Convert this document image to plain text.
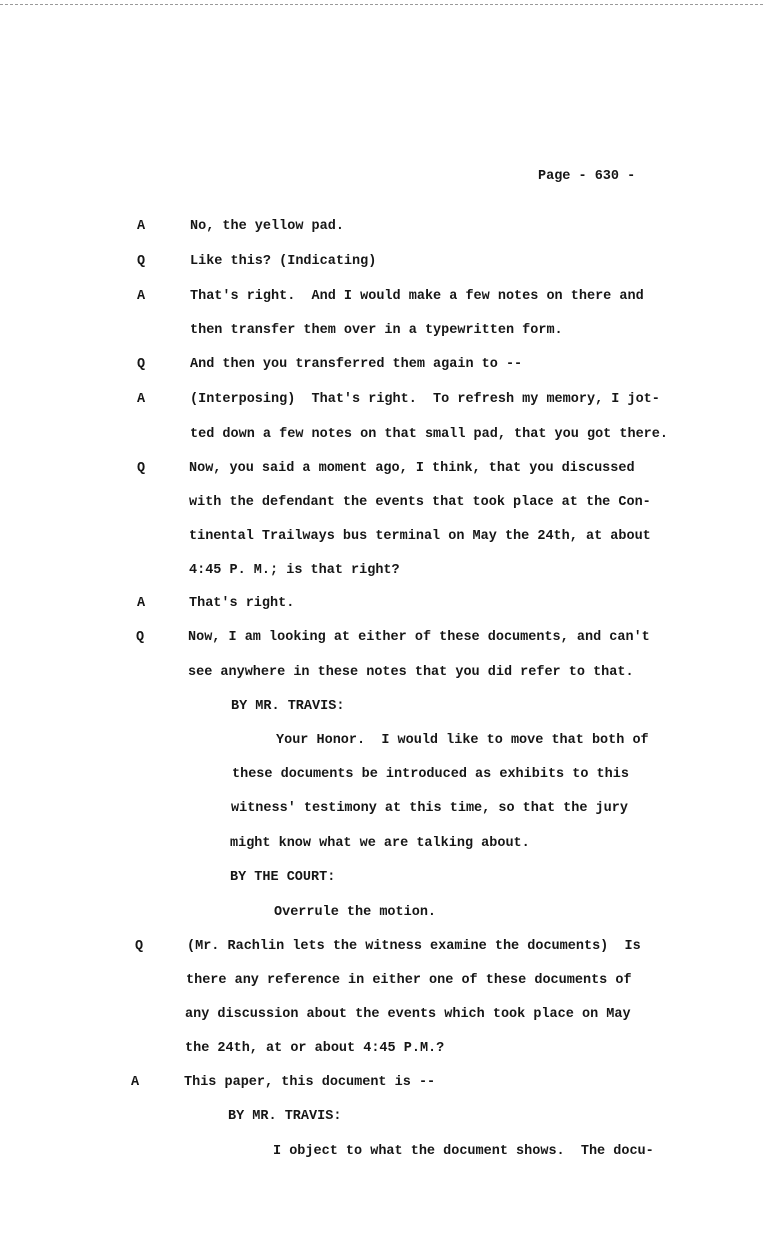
Page - 630 -
A	No, the yellow pad.
Q	Like this? (Indicating)
A	That's right.  And I would make a few notes on there and
then transfer them over in a typewritten form.
Q	And then you transferred them again to --
A	(Interposing)  That's right.  To refresh my memory, I jot-
ted down a few notes on that small pad, that you got there.
Q	Now, you said a moment ago, I think, that you discussed
with the defendant the events that took place at the Con-
tinental Trailways bus terminal on May the 24th, at about
4:45 P. M.; is that right?
A	That's right.
Q	Now, I am looking at either of these documents, and can't
see anywhere in these notes that you did refer to that.
BY MR. TRAVIS:
Your Honor.  I would like to move that both of
these documents be introduced as exhibits to this
witness' testimony at this time, so that the jury
might know what we are talking about.
BY THE COURT:
Overrule the motion.
Q	(Mr. Rachlin lets the witness examine the documents)  Is
there any reference in either one of these documents of
any discussion about the events which took place on May
the 24th, at or about 4:45 P.M.?
A	This paper, this document is --
BY MR. TRAVIS:
I object to what the document shows.  The docu-
